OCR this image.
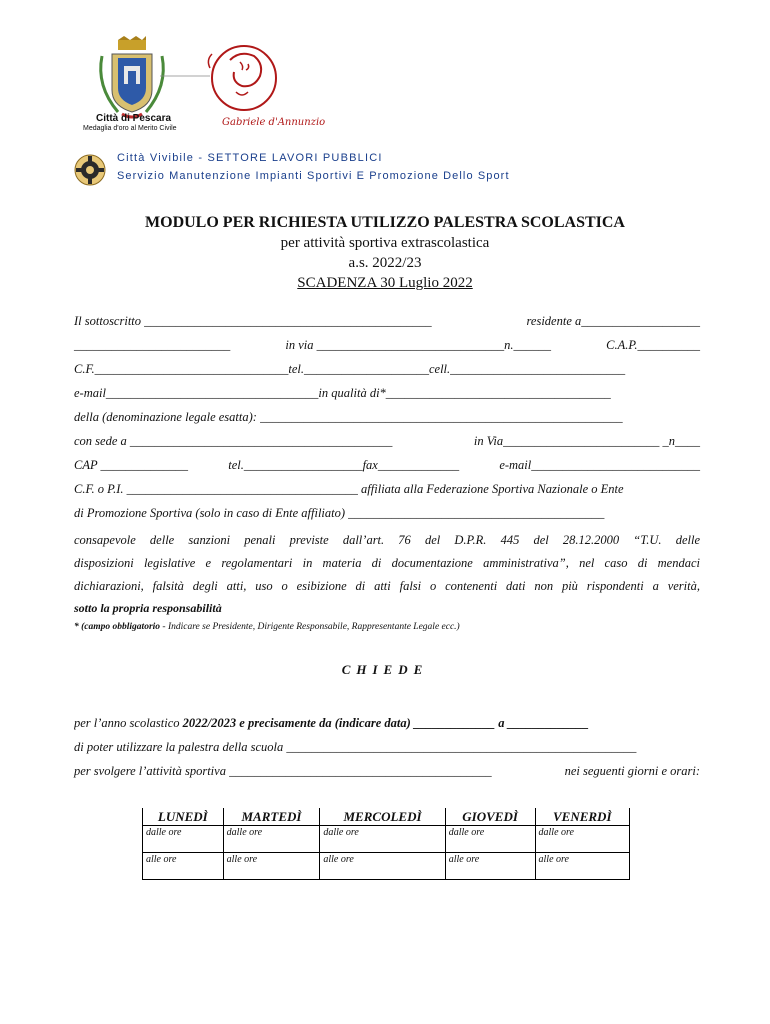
Città di Pescara
Medaglia d'oro al Merito Civile
Gabriele d'Annunzio
Città Vivibile - SETTORE LAVORI PUBBLICI
Servizio Manutenzione Impianti Sportivi E Promozione Dello Sport
MODULO PER RICHIESTA UTILIZZO PALESTRA SCOLASTICA
per attività sportiva extrascolastica
a.s. 2022/23
SCADENZA 30 Luglio 2022
Il sottoscritto ______________________________________________	residente a___________________
_________________________	in via ______________________________n.______	C.A.P.__________
C.F._______________________________tel.____________________cell.____________________________
e-mail__________________________________in qualità di*____________________________________
della (denominazione legale esatta): __________________________________________________________
con sede a __________________________________________	in Via_________________________ _n____
CAP ______________	tel.___________________fax_____________	e-mail___________________________
C.F. o P.I. _____________________________________ affiliata alla Federazione Sportiva Nazionale o Ente
di Promozione Sportiva (solo in caso di Ente affiliato) _________________________________________
consapevole delle sanzioni penali previste dall’art. 76 del D.P.R. 445 del 28.12.2000 “T.U. delle
disposizioni legislative e regolamentari in materia di documentazione amministrativa”, nel caso di mendaci
dichiarazioni, falsità degli atti, uso o esibizione di atti falsi o contenenti dati non più rispondenti a verità,
sotto la propria responsabilità
* (campo obbligatorio - Indicare se Presidente, Dirigente Responsabile, Rappresentante Legale ecc.)
CHIEDE
per l’anno scolastico 2022/2023 e precisamente da (indicare data) _____________ a _____________
di poter utilizzare la palestra della scuola ________________________________________________________
per svolgere l’attività sportiva __________________________________________	nei seguenti giorni e orari:
LUNEDÌ	MARTEDÌ	MERCOLEDÌ	GIOVEDÌ	VENERDÌ
dalle ore	dalle ore	dalle ore	dalle ore	dalle ore
alle ore	alle ore	alle ore	alle ore	alle ore
